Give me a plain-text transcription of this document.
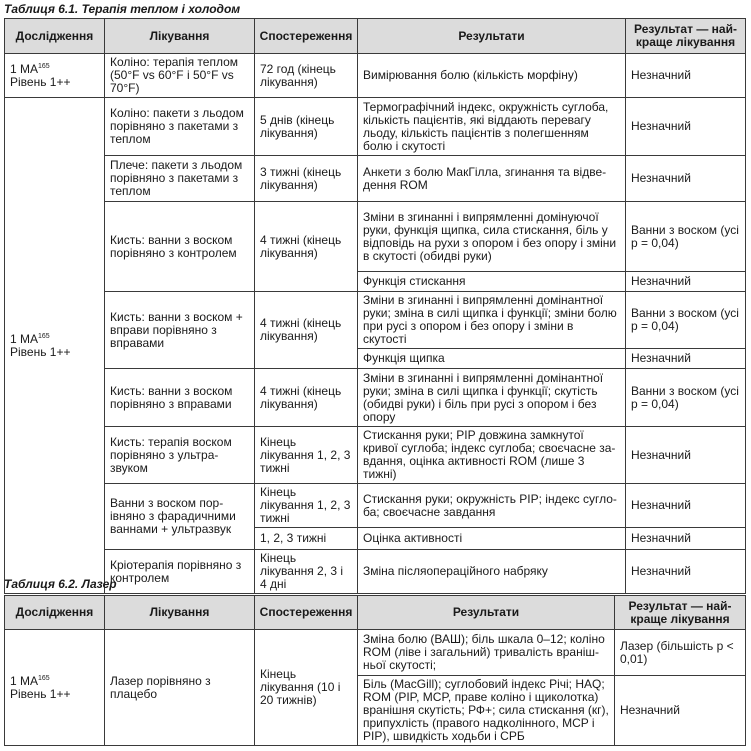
Таблиця 6.1. Терапія теплом і холодом
Дослідження	Лікування	Спостереження	Результати	Результат — най-краще лікування
1 MA$^{165}$
Рівень 1++	Коліно: терапія теплом (50°F vs 60°F і 50°F vs 70°F)	72 год (кінець лікування)	Вимірювання болю (кількість морфіну)	Незначний
1 MA$^{165}$
Рівень 1++	Коліно: пакети з льодом порівняно з пакетами з теплом	5 днів (кінець лікування)	Термографічний індекс, окружність суглоба, кількість пацієнтів, які віддають перевагу льоду, кількість пацієнтів з полегшенням болю і скутості	Незначний
	Плече: пакети з льодом порівняно з пакетами з теплом	3 тижні (кінець лікування)	Анкети з болю МакГілла, згинання та відве-дення ROM	Незначний
	Кисть: ванни з воском порівняно з контролем	4 тижні (кінець лікування)	Зміни в згинанні і випрямленні домінуючої руки, функція щипка, сила стискання, біль у відповідь на рухи з опором і без опору і зміни в скутості (обидві руки)	Ванни з воском (усі p = 0,04)
			Функція стискання	Незначний
	Кисть: ванни з воском + вправи порівняно з вправами	4 тижні (кінець лікування)	Зміни в згинанні і випрямленні домінантної руки; зміна в силі щипка і функції; зміни болю при русі з опором і без опору і зміни в скутості	Ванни з воском (усі p = 0,04)
			Функція щипка	Незначний
	Кисть: ванни з воском порівняно з вправами	4 тижні (кінець лікування)	Зміни в згинанні і випрямленні домінантної руки; зміна в силі щипка і функції; скутість (обидві руки) і біль при русі з опором і без опору	Ванни з воском (усі p = 0,04)
	Кисть: терапія воском порівняно з ультра-звуком	Кінець лікування 1, 2, 3 тижні	Стискання руки; PIP довжина замкнутої кривої суглоба; індекс суглоба; своєчасне за-вдання, оцінка активності ROM (лише 3 тижні)	Незначний
	Ванни з воском пор-івняно з фарадичними ваннами + ультразвук	Кінець лікування 1, 2, 3 тижні	Стискання руки; окружність PIP; індекс сугло-ба; своєчасне завдання	Незначний
		1, 2, 3 тижні	Оцінка активності	Незначний
	Кріотерапія порівняно з контролем	Кінець лікування 2, 3 і 4 дні	Зміна післяопераційного набряку	Незначний
Таблиця 6.2. Лазер
Дослідження	Лікування	Спостереження	Результати	Результат — най-краще лікування
1 MA$^{165}$
Рівень 1++	Лазер порівняно з плацебо	Кінець лікування (10 і 20 тижнів)	Зміна болю (ВАШ); біль шкала 0–12; коліно ROM (ліве і загальний) тривалість враніш-ньої скутості;	Лазер (більшість p < 0,01)
			Біль (MacGill); суглобовий індекс Річі; HAQ; ROM (PIP, MCP, праве коліно і щиколотка) вранішня скутість; РФ+; сила стискання (кг), припухлість (правого надколінного, MCP і PIP), швидкість ходьби і СРБ	Незначний
